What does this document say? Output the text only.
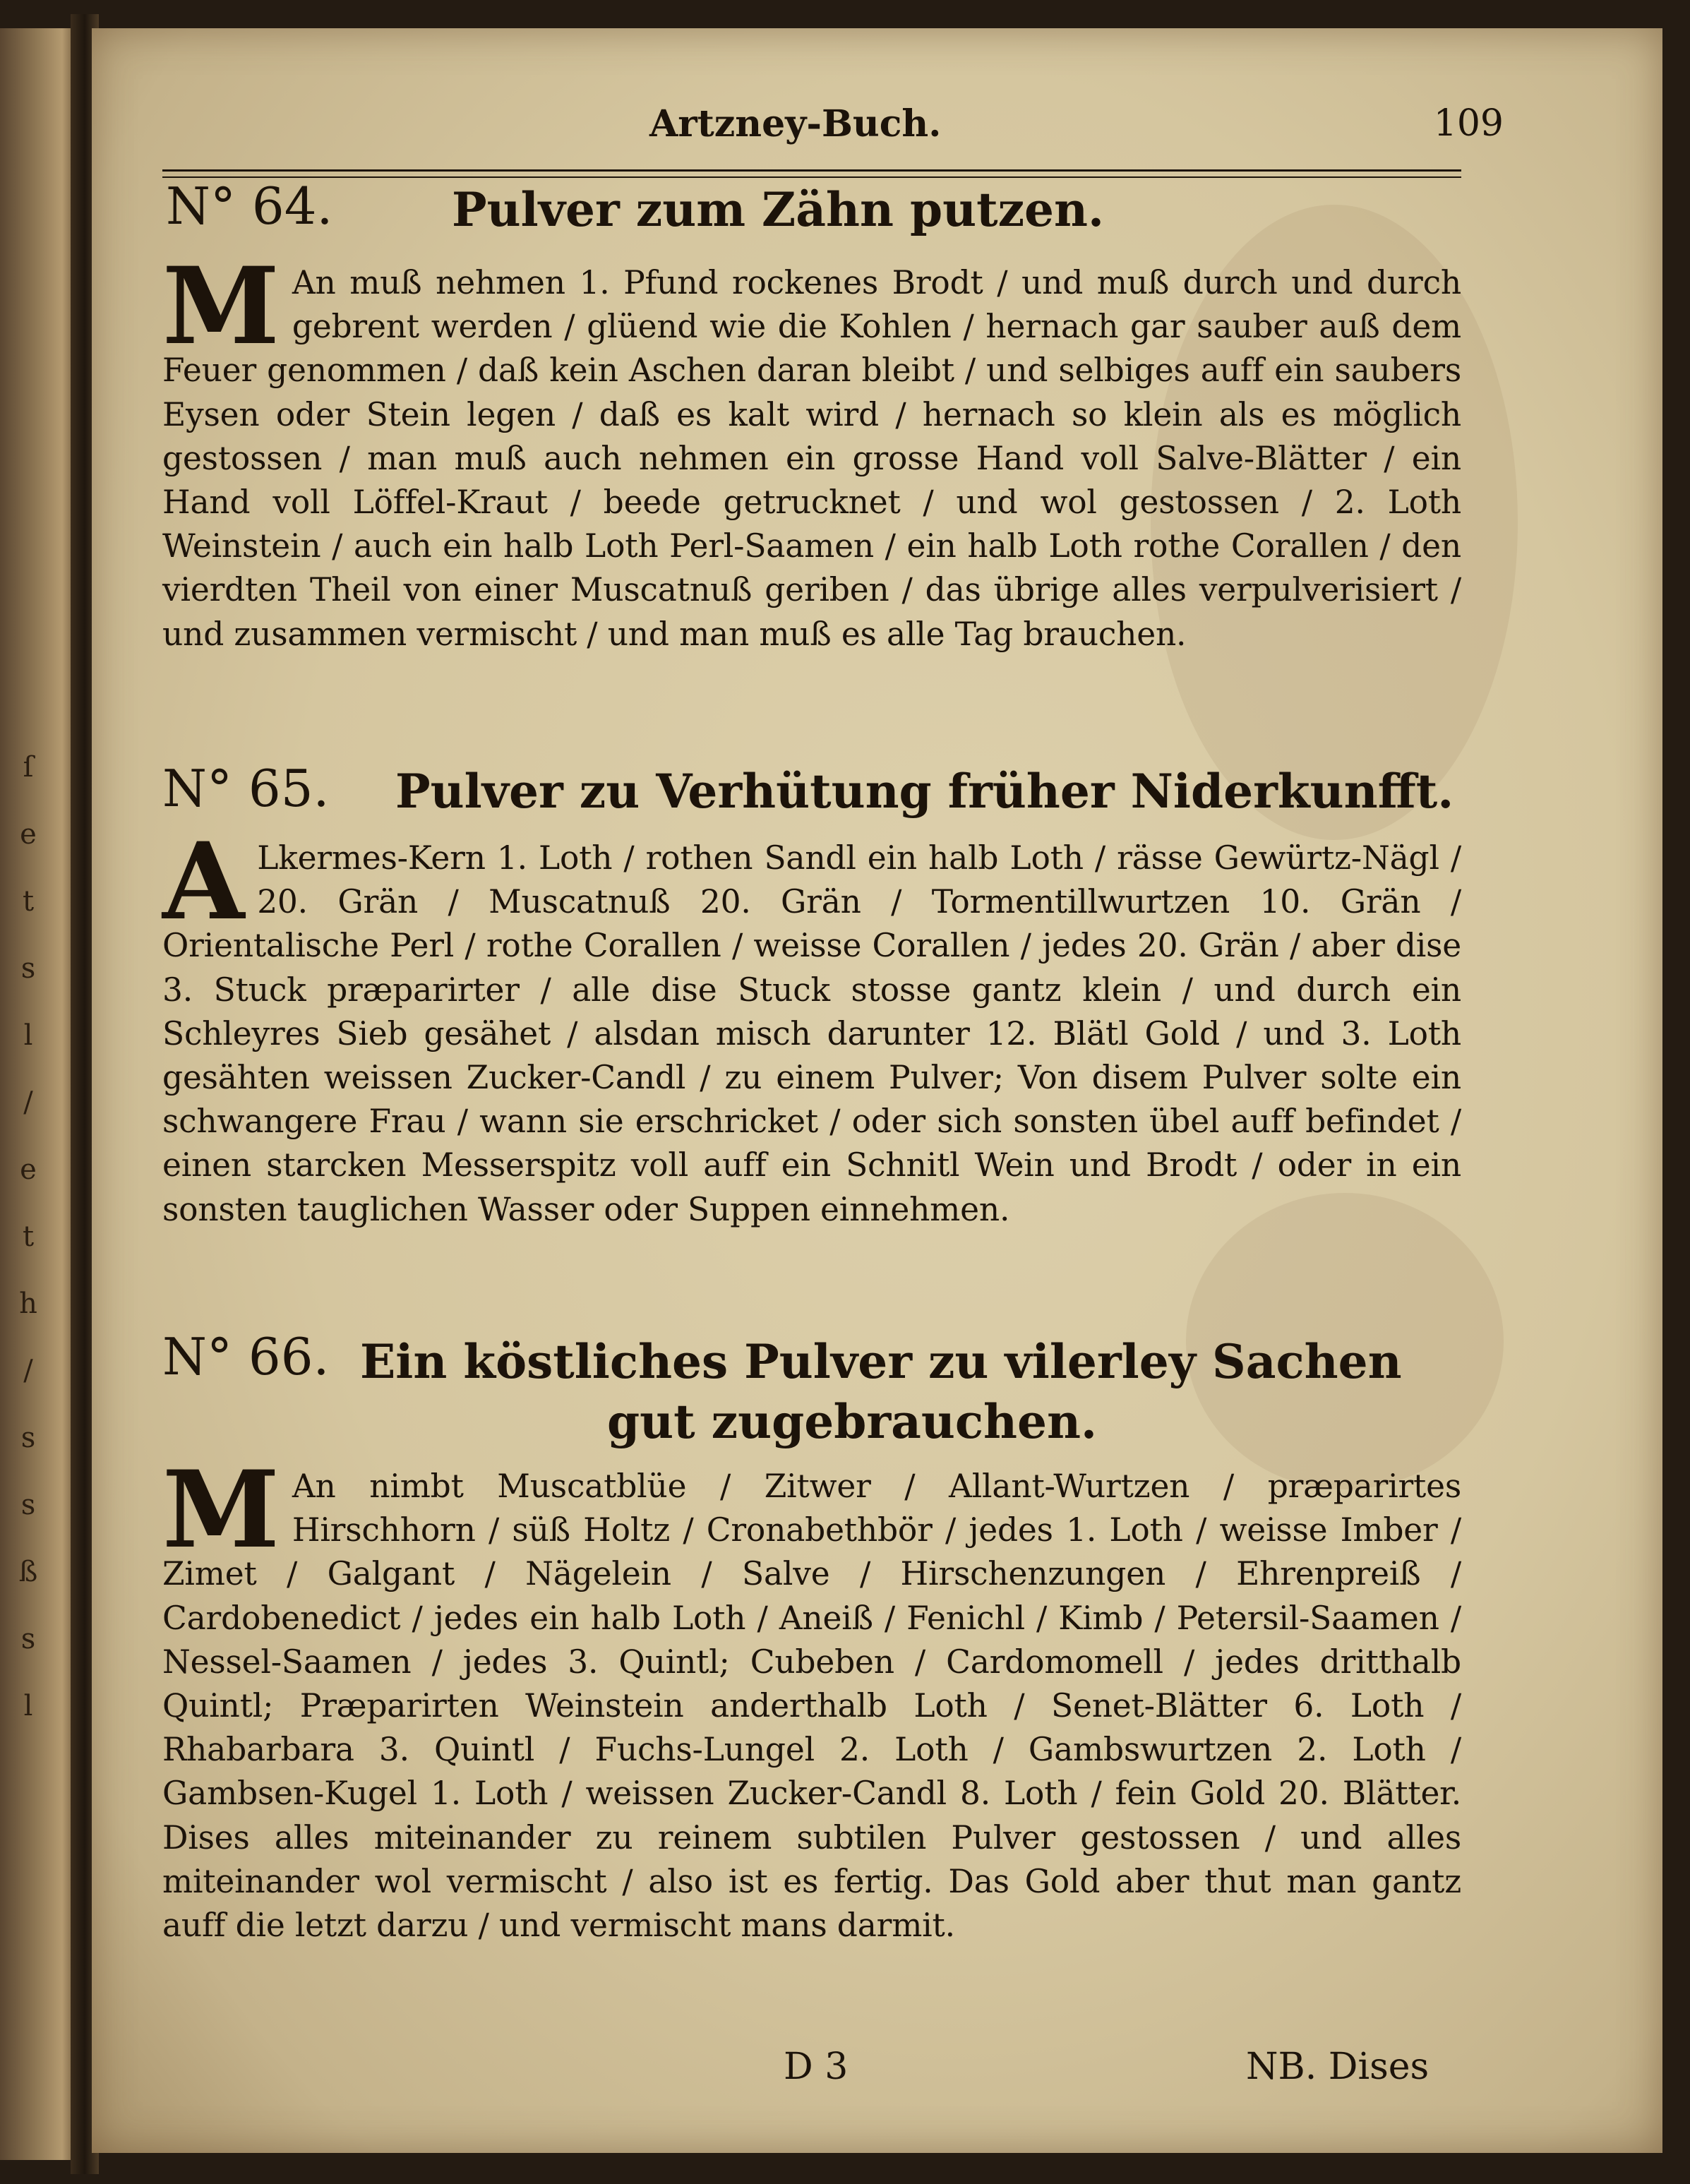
ſ
e
t
s
l
/
e
t
h
/
s
s
ß
s
l
Artzney-Buch.	109
N° 64.	Pulver zum Zähn putzen.
M An muß nehmen 1. Pfund rockenes Brodt / und muß durch und durch gebrent werden / glüend wie die Kohlen / hernach gar sauber auß dem Feuer genommen / daß kein Aschen daran bleibt / und selbiges auff ein saubers Eysen oder Stein legen / daß es kalt wird / hernach so klein als es möglich gestossen / man muß auch nehmen ein grosse Hand voll Salve-Blätter / ein Hand voll Löffel-Kraut / beede getrucknet / und wol gestossen / 2. Loth Weinstein / auch ein halb Loth Perl-Saamen / ein halb Loth rothe Corallen / den vierdten Theil von einer Muscatnuß geriben / das übrige alles verpulverisiert / und zusammen vermischt / und man muß es alle Tag brauchen.
N° 65. Pulver zu Verhütung früher Niderkunfft.
A Lkermes-Kern 1. Loth / rothen Sandl ein halb Loth / rässe Gewürtz-Nägl / 20. Grän / Muscatnuß 20. Grän / Tormentillwurtzen 10. Grän / Orientalische Perl / rothe Corallen / weisse Corallen / jedes 20. Grän / aber dise 3. Stuck præparirter / alle dise Stuck stosse gantz klein / und durch ein Schleyres Sieb gesähet / alsdan misch darunter 12. Blätl Gold / und 3. Loth gesähten weissen Zucker-Candl / zu einem Pulver; Von disem Pulver solte ein schwangere Frau / wann sie erschricket / oder sich sonsten übel auff befindet / einen starcken Messerspitz voll auff ein Schnitl Wein und Brodt / oder in ein sonsten tauglichen Wasser oder Suppen einnehmen.
N° 66. Ein köstliches Pulver zu vilerley Sachen
gut zugebrauchen.
M An nimbt Muscatblüe / Zitwer / Allant-Wurtzen / præparirtes Hirschhorn / süß Holtz / Cronabethbör / jedes 1. Loth / weisse Imber / Zimet / Galgant / Nägelein / Salve / Hirschenzungen / Ehrenpreiß / Cardobenedict / jedes ein halb Loth / Aneiß / Fenichl / Kimb / Petersil-Saamen / Nessel-Saamen / jedes 3. Quintl; Cubeben / Cardomomell / jedes dritthalb Quintl; Præparirten Weinstein anderthalb Loth / Senet-Blätter 6. Loth / Rhabarbara 3. Quintl / Fuchs-Lungel 2. Loth / Gambswurtzen 2. Loth / Gambsen-Kugel 1. Loth / weissen Zucker-Candl 8. Loth / fein Gold 20. Blätter. Dises alles miteinander zu reinem subtilen Pulver gestossen / und alles miteinander wol vermischt / also ist es fertig. Das Gold aber thut man gantz auff die letzt darzu / und vermischt mans darmit.
D 3	NB. Dises
